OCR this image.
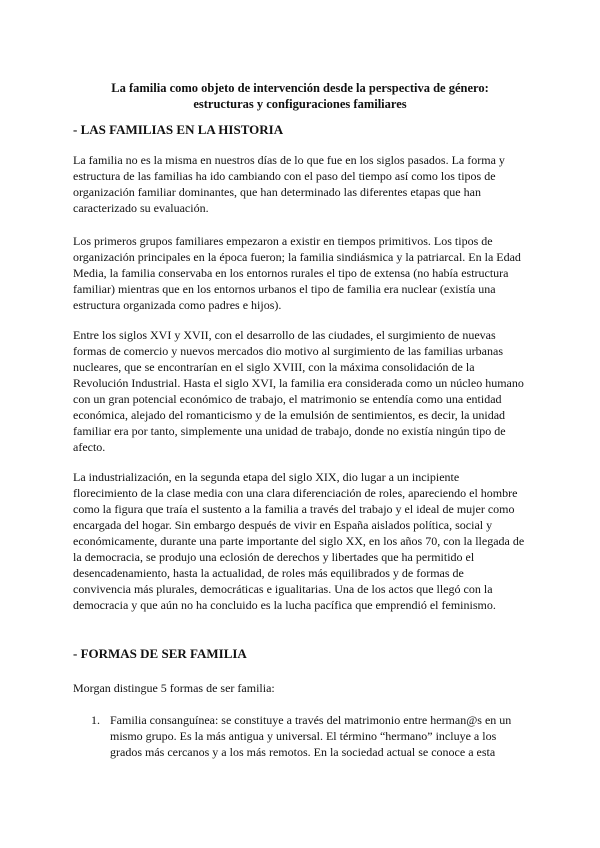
La familia como objeto de intervención desde la perspectiva de género:
estructuras y configuraciones familiares
- LAS FAMILIAS EN LA HISTORIA
La familia no es la misma en nuestros días de lo que fue en los siglos pasados. La forma y
estructura de las familias ha ido cambiando con el paso del tiempo así como los tipos de
organización familiar dominantes, que han determinado las diferentes etapas que han
caracterizado su evaluación.
Los primeros grupos familiares empezaron a existir en tiempos primitivos. Los tipos de
organización principales en la época fueron; la familia sindiásmica y la patriarcal. En la Edad
Media, la familia conservaba en los entornos rurales el tipo de extensa (no había estructura
familiar) mientras que en los entornos urbanos el tipo de familia era nuclear (existía una
estructura organizada como padres e hijos).
Entre los siglos XVI y XVII, con el desarrollo de las ciudades, el surgimiento de nuevas
formas de comercio y nuevos mercados dio motivo al surgimiento de las familias urbanas
nucleares, que se encontrarían en el siglo XVIII, con la máxima consolidación de la
Revolución Industrial. Hasta el siglo XVI, la familia era considerada como un núcleo humano
con un gran potencial económico de trabajo, el matrimonio se entendía como una entidad
económica, alejado del romanticismo y de la emulsión de sentimientos, es decir, la unidad
familiar era por tanto, simplemente una unidad de trabajo, donde no existía ningún tipo de
afecto.
La industrialización, en la segunda etapa del siglo XIX, dio lugar a un incipiente
florecimiento de la clase media con una clara diferenciación de roles, apareciendo el hombre
como la figura que traía el sustento a la familia a través del trabajo y el ideal de mujer como
encargada del hogar. Sin embargo después de vivir en España aislados política, social y
económicamente, durante una parte importante del siglo XX, en los años 70, con la llegada de
la democracia, se produjo una eclosión de derechos y libertades que ha permitido el
desencadenamiento, hasta la actualidad, de roles más equilibrados y de formas de
convivencia más plurales, democráticas e igualitarias. Una de los actos que llegó con la
democracia y que aún no ha concluido es la lucha pacífica que emprendió el feminismo.
- FORMAS DE SER FAMILIA
Morgan distingue 5 formas de ser familia:
1. Familia consanguínea: se constituye a través del matrimonio entre herman@s en un
mismo grupo. Es la más antigua y universal. El término “hermano” incluye a los
grados más cercanos y a los más remotos. En la sociedad actual se conoce a esta
